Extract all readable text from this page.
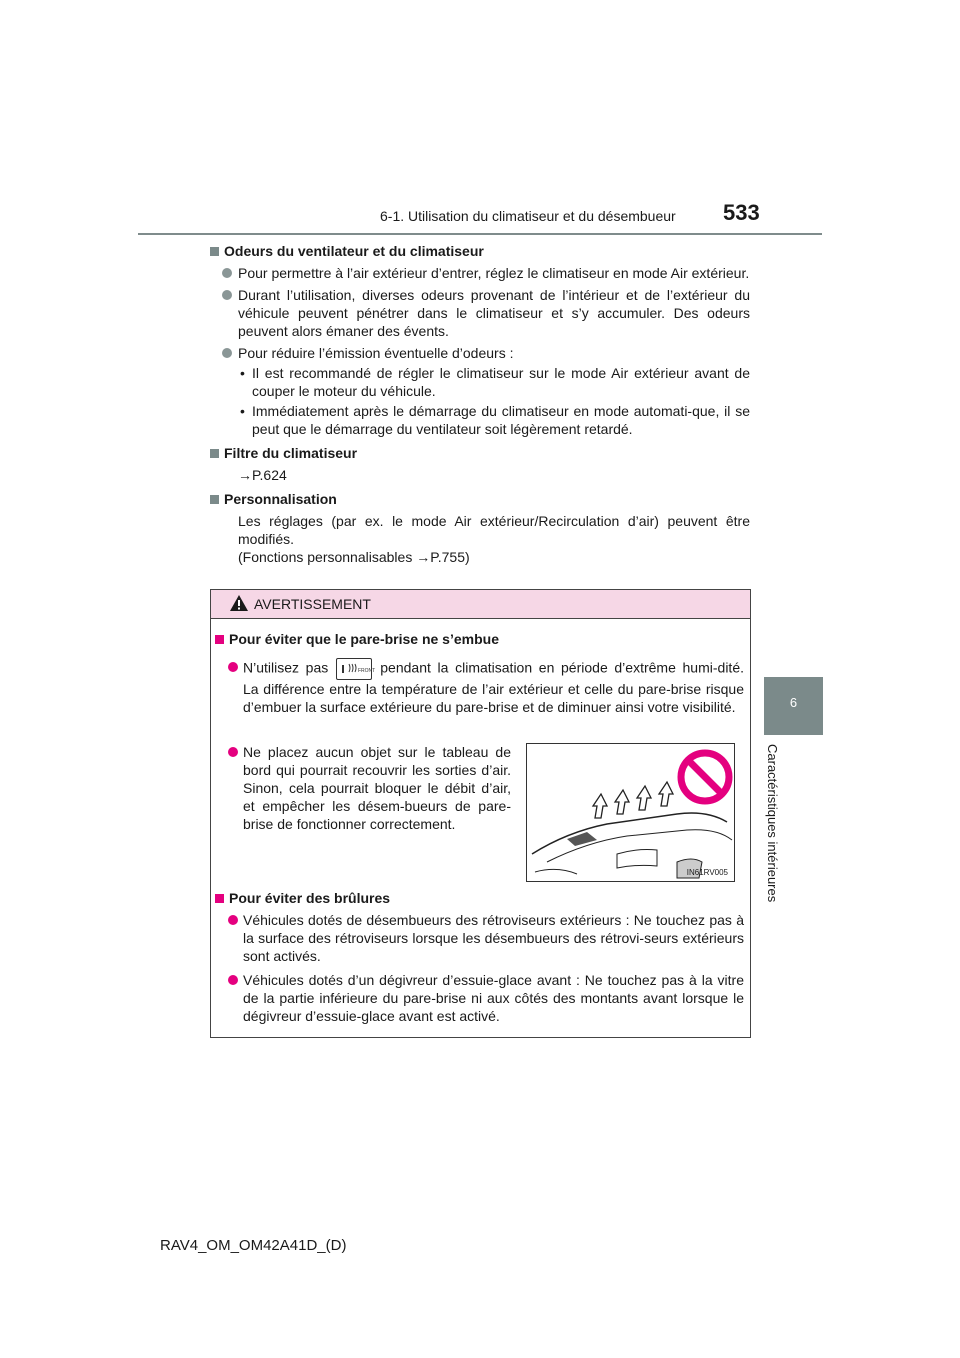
6-1. Utilisation du climatiseur et du désembueur 533
6
Caractéristiques intérieures
Odeurs du ventilateur et du climatiseur
Pour permettre à l’air extérieur d’entrer, réglez le climatiseur en mode Air extérieur.
Durant l’utilisation, diverses odeurs provenant de l’intérieur et de l’extérieur du véhicule peuvent pénétrer dans le climatiseur et s’y accumuler. Des odeurs peuvent alors émaner des évents.
Pour réduire l’émission éventuelle d’odeurs :
• Il est recommandé de régler le climatiseur sur le mode Air extérieur avant de couper le moteur du véhicule.
• Immédiatement après le démarrage du climatiseur en mode automati-que, il se peut que le démarrage du ventilateur soit légèrement retardé.
Filtre du climatiseur
→P.624
Personnalisation
Les réglages (par ex. le mode Air extérieur/Recirculation d’air) peuvent être modifiés.
(Fonctions personnalisables →P.755)
AVERTISSEMENT
Pour éviter que le pare-brise ne s’embue
N’utilisez pas	FRONT pendant la climatisation en période d’extrême humi-dité. La différence entre la température de l’air extérieur et celle du pare-brise risque d’embuer la surface extérieure du pare-brise et de diminuer ainsi votre visibilité.
Ne placez aucun objet sur le tableau de bord qui pourrait recouvrir les sorties d’air. Sinon, cela pourrait bloquer le débit d’air, et empêcher les désem-bueurs de pare-brise de fonctionner correctement.
IN61RV005
Pour éviter des brûlures
Véhicules dotés de désembueurs des rétroviseurs extérieurs : Ne touchez pas à la surface des rétroviseurs lorsque les désembueurs des rétrovi-seurs extérieurs sont activés.
Véhicules dotés d’un dégivreur d’essuie-glace avant : Ne touchez pas à la vitre de la partie inférieure du pare-brise ni aux côtés des montants avant lorsque le dégivreur d’essuie-glace avant est activé.
RAV4_OM_OM42A41D_(D)
